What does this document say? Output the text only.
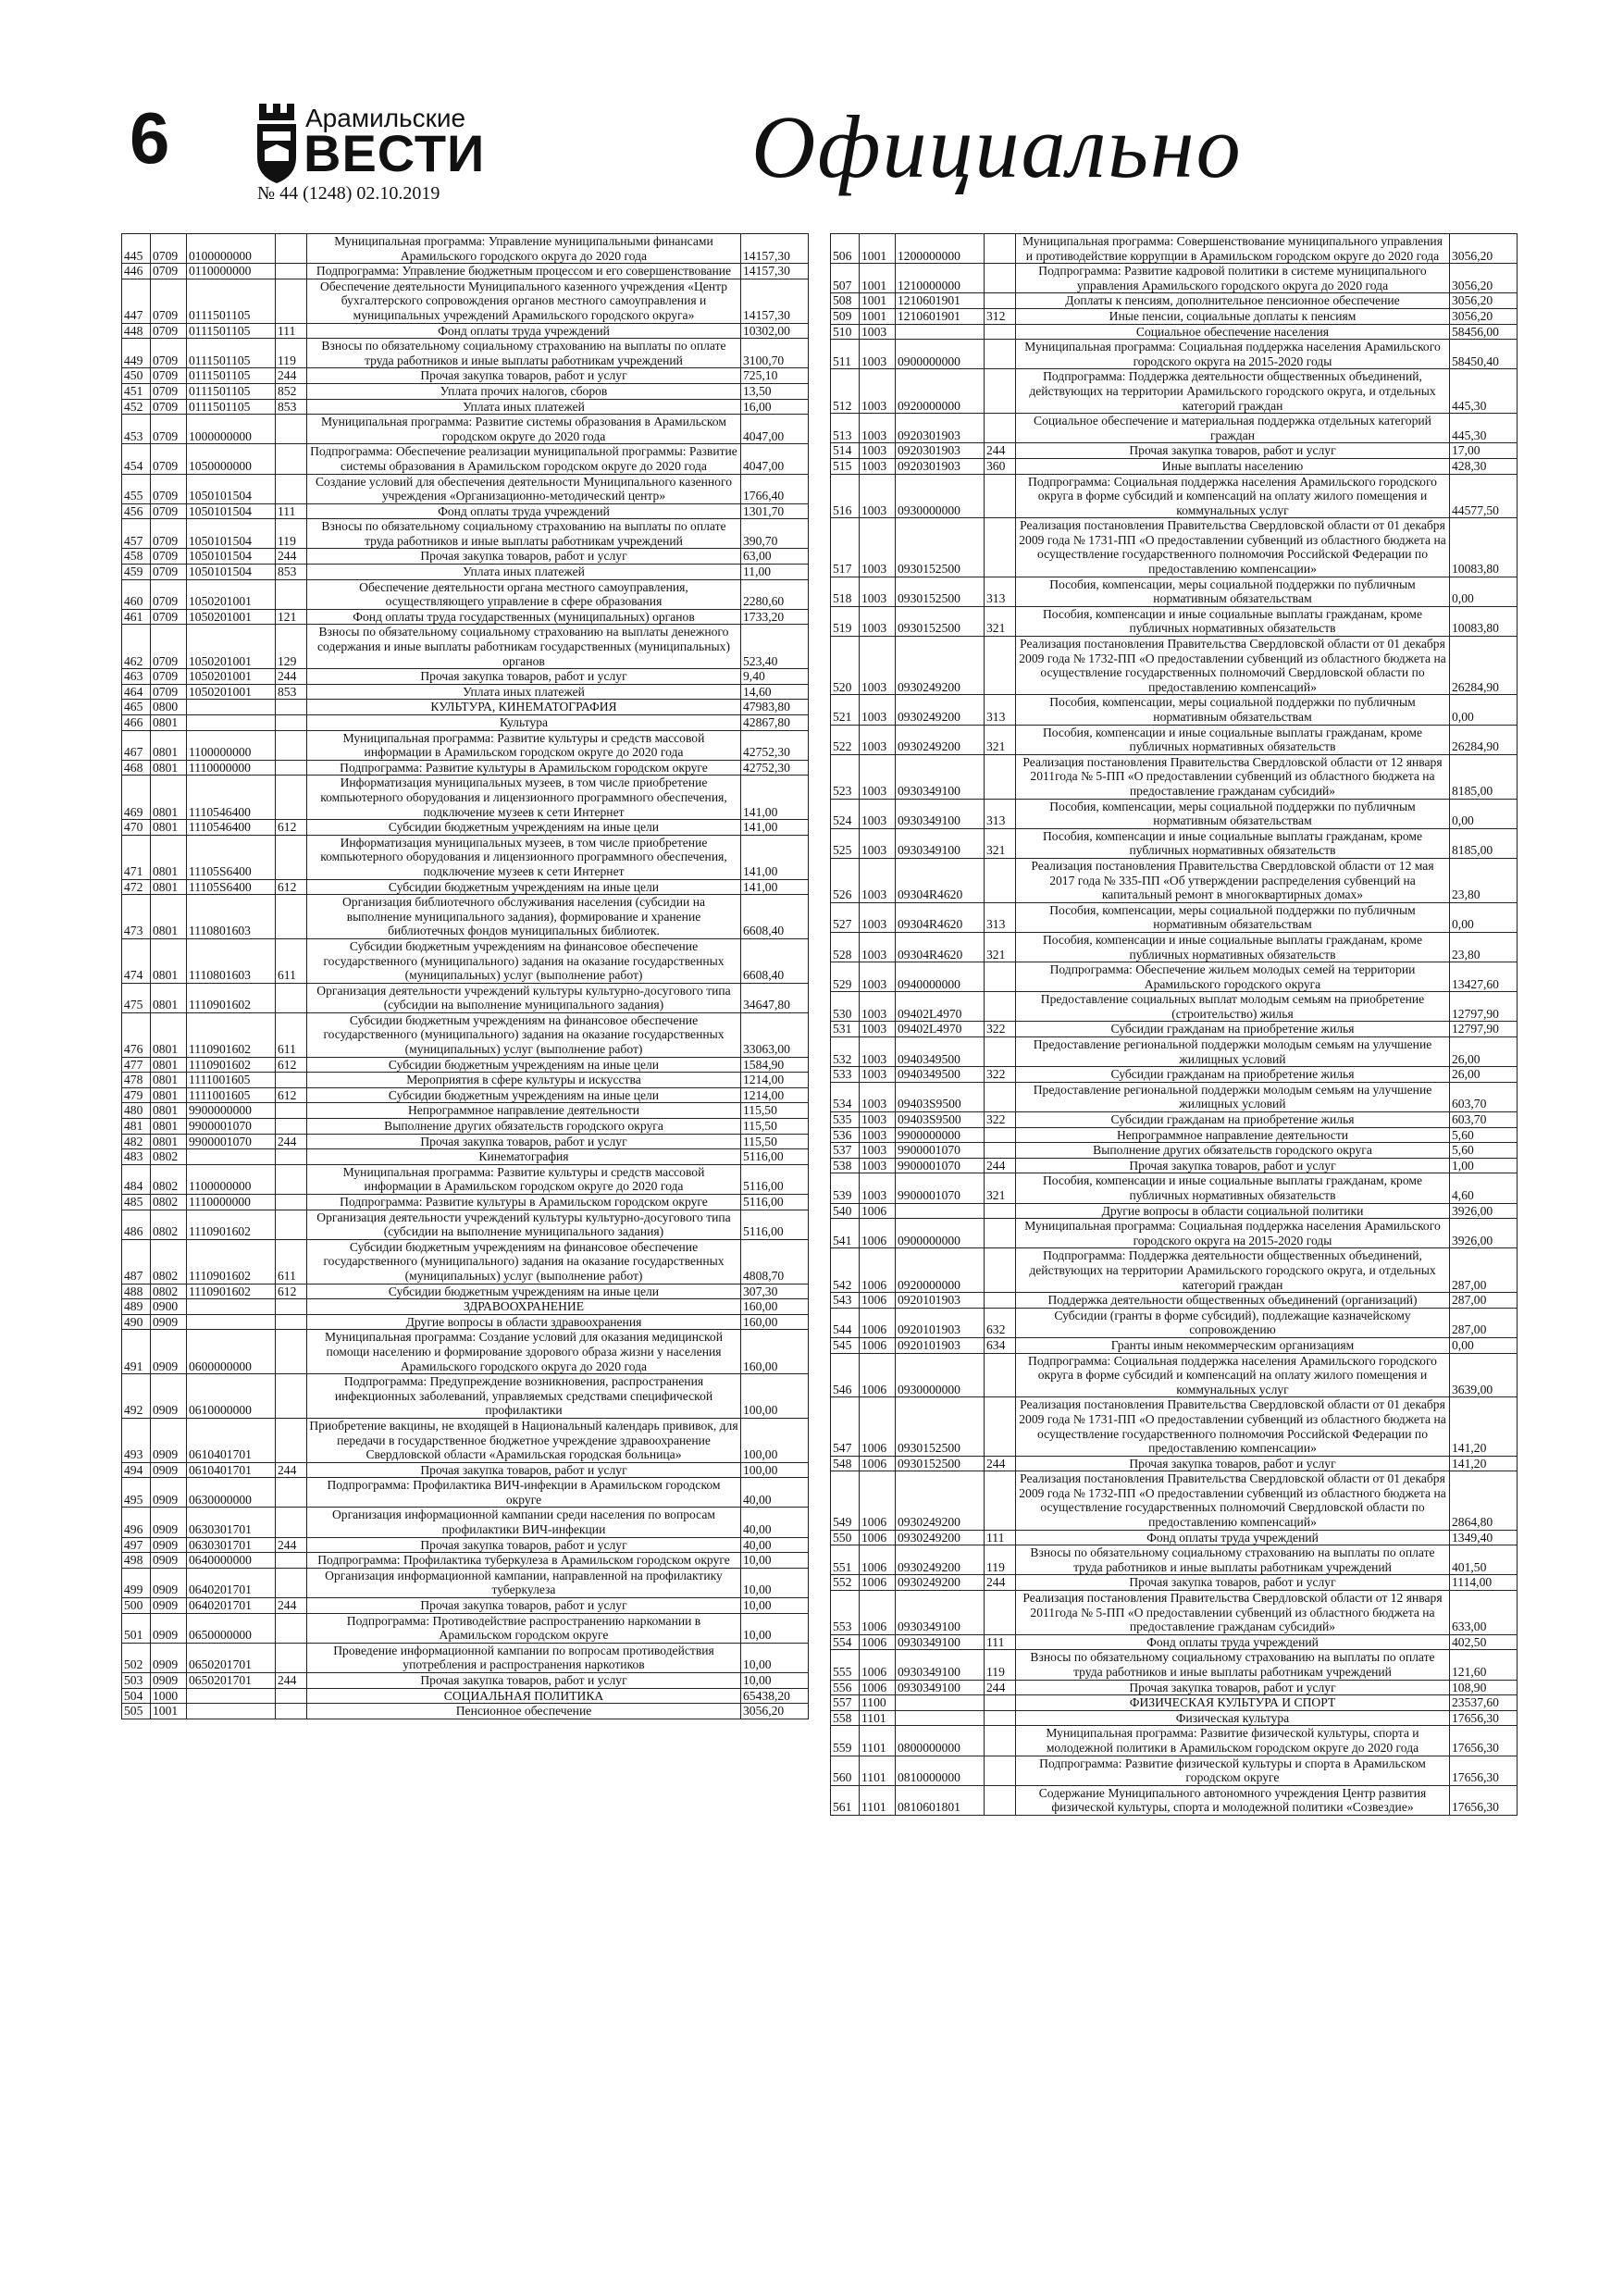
6	Арамильские
ВЕСТИ
№ 44 (1248) 02.10.2019	Официально
445	0709	0100000000		Муниципальная программа: Управление муниципальными финансами Арамильского городского округа до 2020 года	14157,30
446	0709	0110000000		Подпрограмма: Управление бюджетным процессом и его совершенствование	14157,30
447	0709	0111501105		Обеспечение деятельности Муниципального казенного учреждения «Центр бухгалтерского сопровождения органов местного самоуправления и муниципальных учреждений Арамильского городского округа»	14157,30
448	0709	0111501105	111	Фонд оплаты труда учреждений	10302,00
449	0709	0111501105	119	Взносы по обязательному социальному страхованию на выплаты по оплате труда работников и иные выплаты работникам учреждений	3100,70
450	0709	0111501105	244	Прочая закупка товаров, работ и услуг	725,10
451	0709	0111501105	852	Уплата прочих налогов, сборов	13,50
452	0709	0111501105	853	Уплата иных платежей	16,00
453	0709	1000000000		Муниципальная программа: Развитие системы образования в Арамильском городском округе до 2020 года	4047,00
454	0709	1050000000		Подпрограмма: Обеспечение реализации муниципальной программы: Развитие системы образования в Арамильском городском округе до 2020 года	4047,00
455	0709	1050101504		Создание условий для обеспечения деятельности Муниципального казенного учреждения «Организационно-методический центр»	1766,40
456	0709	1050101504	111	Фонд оплаты труда учреждений	1301,70
457	0709	1050101504	119	Взносы по обязательному социальному страхованию на выплаты по оплате труда работников и иные выплаты работникам учреждений	390,70
458	0709	1050101504	244	Прочая закупка товаров, работ и услуг	63,00
459	0709	1050101504	853	Уплата иных платежей	11,00
460	0709	1050201001		Обеспечение деятельности органа местного самоуправления, осуществляющего управление в сфере образования	2280,60
461	0709	1050201001	121	Фонд оплаты труда государственных (муниципальных) органов	1733,20
462	0709	1050201001	129	Взносы по обязательному социальному страхованию на выплаты денежного содержания и иные выплаты работникам государственных (муниципальных) органов	523,40
463	0709	1050201001	244	Прочая закупка товаров, работ и услуг	9,40
464	0709	1050201001	853	Уплата иных платежей	14,60
465	0800			КУЛЬТУРА, КИНЕМАТОГРАФИЯ	47983,80
466	0801			Культура	42867,80
467	0801	1100000000		Муниципальная программа: Развитие культуры и средств массовой информации в Арамильском городском округе до 2020 года	42752,30
468	0801	1110000000		Подпрограмма: Развитие культуры в Арамильском городском округе	42752,30
469	0801	1110546400		Информатизация муниципальных музеев, в том числе приобретение компьютерного оборудования и лицензионного программного обеспечения, подключение музеев к сети Интернет	141,00
470	0801	1110546400	612	Субсидии бюджетным учреждениям на иные цели	141,00
471	0801	11105S6400		Информатизация муниципальных музеев, в том числе приобретение компьютерного оборудования и лицензионного программного обеспечения, подключение музеев к сети Интернет	141,00
472	0801	11105S6400	612	Субсидии бюджетным учреждениям на иные цели	141,00
473	0801	1110801603		Организация библиотечного обслуживания населения (субсидии на выполнение муниципального задания), формирование и хранение библиотечных фондов муниципальных библиотек.	6608,40
474	0801	1110801603	611	Субсидии бюджетным учреждениям на финансовое обеспечение государственного (муниципального) задания на оказание государственных (муниципальных) услуг (выполнение работ)	6608,40
475	0801	1110901602		Организация деятельности учреждений культуры культурно-досугового типа (субсидии на выполнение муниципального задания)	34647,80
476	0801	1110901602	611	Субсидии бюджетным учреждениям на финансовое обеспечение государственного (муниципального) задания на оказание государственных (муниципальных) услуг (выполнение работ)	33063,00
477	0801	1110901602	612	Субсидии бюджетным учреждениям на иные цели	1584,90
478	0801	1111001605		Мероприятия в сфере культуры и искусства	1214,00
479	0801	1111001605	612	Субсидии бюджетным учреждениям на иные цели	1214,00
480	0801	9900000000		Непрограммное направление деятельности	115,50
481	0801	9900001070		Выполнение других обязательств городского округа	115,50
482	0801	9900001070	244	Прочая закупка товаров, работ и услуг	115,50
483	0802			Кинематография	5116,00
484	0802	1100000000		Муниципальная программа: Развитие культуры и средств массовой информации в Арамильском городском округе до 2020 года	5116,00
485	0802	1110000000		Подпрограмма: Развитие культуры в Арамильском городском округе	5116,00
486	0802	1110901602		Организация деятельности учреждений культуры культурно-досугового типа (субсидии на выполнение муниципального задания)	5116,00
487	0802	1110901602	611	Субсидии бюджетным учреждениям на финансовое обеспечение государственного (муниципального) задания на оказание государственных (муниципальных) услуг (выполнение работ)	4808,70
488	0802	1110901602	612	Субсидии бюджетным учреждениям на иные цели	307,30
489	0900			ЗДРАВООХРАНЕНИЕ	160,00
490	0909			Другие вопросы в области здравоохранения	160,00
491	0909	0600000000		Муниципальная программа: Создание условий для оказания медицинской помощи населению и формирование здорового образа жизни у населения Арамильского городского округа до 2020 года	160,00
492	0909	0610000000		Подпрограмма: Предупреждение возникновения, распространения инфекционных заболеваний, управляемых средствами специфической профилактики	100,00
493	0909	0610401701		Приобретение вакцины, не входящей в Национальный календарь прививок, для передачи в государственное бюджетное учреждение здравоохранение Свердловской области «Арамильская городская больница»	100,00
494	0909	0610401701	244	Прочая закупка товаров, работ и услуг	100,00
495	0909	0630000000		Подпрограмма: Профилактика ВИЧ-инфекции в Арамильском городском округе	40,00
496	0909	0630301701		Организация информационной кампании среди населения по вопросам профилактики ВИЧ-инфекции	40,00
497	0909	0630301701	244	Прочая закупка товаров, работ и услуг	40,00
498	0909	0640000000		Подпрограмма: Профилактика туберкулеза в Арамильском городском округе	10,00
499	0909	0640201701		Организация информационной кампании, направленной на профилактику туберкулеза	10,00
500	0909	0640201701	244	Прочая закупка товаров, работ и услуг	10,00
501	0909	0650000000		Подпрограмма: Противодействие распространению наркомании в Арамильском городском округе	10,00
502	0909	0650201701		Проведение информационной кампании по вопросам противодействия употребления и распространения наркотиков	10,00
503	0909	0650201701	244	Прочая закупка товаров, работ и услуг	10,00
504	1000			СОЦИАЛЬНАЯ ПОЛИТИКА	65438,20
505	1001			Пенсионное обеспечение	3056,20
506	1001	1200000000		Муниципальная программа: Совершенствование муниципального управления и противодействие коррупции в Арамильском городском округе до 2020 года	3056,20
507	1001	1210000000		Подпрограмма: Развитие кадровой политики в системе муниципального управления Арамильского городского округа до 2020 года	3056,20
508	1001	1210601901		Доплаты к пенсиям, дополнительное пенсионное обеспечение	3056,20
509	1001	1210601901	312	Иные пенсии, социальные доплаты к пенсиям	3056,20
510	1003			Социальное обеспечение населения	58456,00
511	1003	0900000000		Муниципальная программа: Социальная поддержка населения Арамильского городского округа на 2015-2020 годы	58450,40
512	1003	0920000000		Подпрограмма: Поддержка деятельности общественных объединений, действующих на территории Арамильского городского округа, и отдельных категорий граждан	445,30
513	1003	0920301903		Социальное обеспечение и материальная поддержка отдельных категорий граждан	445,30
514	1003	0920301903	244	Прочая закупка товаров, работ и услуг	17,00
515	1003	0920301903	360	Иные выплаты населению	428,30
516	1003	0930000000		Подпрограмма: Социальная поддержка населения Арамильского городского округа в форме субсидий и компенсаций на оплату жилого помещения и коммунальных услуг	44577,50
517	1003	0930152500		Реализация постановления Правительства Свердловской области от 01 декабря 2009 года № 1731-ПП «О предоставлении субвенций из областного бюджета на осуществление государственного полномочия Российской Федерации по предоставлению компенсации»	10083,80
518	1003	0930152500	313	Пособия, компенсации, меры социальной поддержки по публичным нормативным обязательствам	0,00
519	1003	0930152500	321	Пособия, компенсации и иные социальные выплаты гражданам, кроме публичных нормативных обязательств	10083,80
520	1003	0930249200		Реализация постановления Правительства Свердловской области от 01 декабря 2009 года № 1732-ПП «О предоставлении субвенций из областного бюджета на осуществление государственных полномочий Свердловской области по предоставлению компенсаций»	26284,90
521	1003	0930249200	313	Пособия, компенсации, меры социальной поддержки по публичным нормативным обязательствам	0,00
522	1003	0930249200	321	Пособия, компенсации и иные социальные выплаты гражданам, кроме публичных нормативных обязательств	26284,90
523	1003	0930349100		Реализация постановления Правительства Свердловской области от 12 января 2011года № 5-ПП «О предоставлении субвенций из областного бюджета на предоставление гражданам субсидий»	8185,00
524	1003	0930349100	313	Пособия, компенсации, меры социальной поддержки по публичным нормативным обязательствам	0,00
525	1003	0930349100	321	Пособия, компенсации и иные социальные выплаты гражданам, кроме публичных нормативных обязательств	8185,00
526	1003	09304R4620		Реализация постановления Правительства Свердловской области от 12 мая 2017 года № 335-ПП «Об утверждении распределения субвенций на капитальный ремонт в многоквартирных домах»	23,80
527	1003	09304R4620	313	Пособия, компенсации, меры социальной поддержки по публичным нормативным обязательствам	0,00
528	1003	09304R4620	321	Пособия, компенсации и иные социальные выплаты гражданам, кроме публичных нормативных обязательств	23,80
529	1003	0940000000		Подпрограмма: Обеспечение жильем молодых семей на территории Арамильского городского округа	13427,60
530	1003	09402L4970		Предоставление социальных выплат молодым семьям на приобретение (строительство) жилья	12797,90
531	1003	09402L4970	322	Субсидии гражданам на приобретение жилья	12797,90
532	1003	0940349500		Предоставление региональной поддержки молодым семьям на улучшение жилищных условий	26,00
533	1003	0940349500	322	Субсидии гражданам на приобретение жилья	26,00
534	1003	09403S9500		Предоставление региональной поддержки молодым семьям на улучшение жилищных условий	603,70
535	1003	09403S9500	322	Субсидии гражданам на приобретение жилья	603,70
536	1003	9900000000		Непрограммное направление деятельности	5,60
537	1003	9900001070		Выполнение других обязательств городского округа	5,60
538	1003	9900001070	244	Прочая закупка товаров, работ и услуг	1,00
539	1003	9900001070	321	Пособия, компенсации и иные социальные выплаты гражданам, кроме публичных нормативных обязательств	4,60
540	1006			Другие вопросы в области социальной политики	3926,00
541	1006	0900000000		Муниципальная программа: Социальная поддержка населения Арамильского городского округа на 2015-2020 годы	3926,00
542	1006	0920000000		Подпрограмма: Поддержка деятельности общественных объединений, действующих на территории Арамильского городского округа, и отдельных категорий граждан	287,00
543	1006	0920101903		Поддержка деятельности общественных объединений (организаций)	287,00
544	1006	0920101903	632	Субсидии (гранты в форме субсидий), подлежащие казначейскому сопровождению	287,00
545	1006	0920101903	634	Гранты иным некоммерческим организациям	0,00
546	1006	0930000000		Подпрограмма: Социальная поддержка населения Арамильского городского округа в форме субсидий и компенсаций на оплату жилого помещения и коммунальных услуг	3639,00
547	1006	0930152500		Реализация постановления Правительства Свердловской области от 01 декабря 2009 года № 1731-ПП «О предоставлении субвенций из областного бюджета на осуществление государственного полномочия Российской Федерации по предоставлению компенсации»	141,20
548	1006	0930152500	244	Прочая закупка товаров, работ и услуг	141,20
549	1006	0930249200		Реализация постановления Правительства Свердловской области от 01 декабря 2009 года № 1732-ПП «О предоставлении субвенций из областного бюджета на осуществление государственных полномочий Свердловской области по предоставлению компенсаций»	2864,80
550	1006	0930249200	111	Фонд оплаты труда учреждений	1349,40
551	1006	0930249200	119	Взносы по обязательному социальному страхованию на выплаты по оплате труда работников и иные выплаты работникам учреждений	401,50
552	1006	0930249200	244	Прочая закупка товаров, работ и услуг	1114,00
553	1006	0930349100		Реализация постановления Правительства Свердловской области от 12 января 2011года № 5-ПП «О предоставлении субвенций из областного бюджета на предоставление гражданам субсидий»	633,00
554	1006	0930349100	111	Фонд оплаты труда учреждений	402,50
555	1006	0930349100	119	Взносы по обязательному социальному страхованию на выплаты по оплате труда работников и иные выплаты работникам учреждений	121,60
556	1006	0930349100	244	Прочая закупка товаров, работ и услуг	108,90
557	1100			ФИЗИЧЕСКАЯ КУЛЬТУРА И СПОРТ	23537,60
558	1101			Физическая культура	17656,30
559	1101	0800000000		Муниципальная программа: Развитие физической культуры, спорта и молодежной политики в Арамильском городском округе до 2020 года	17656,30
560	1101	0810000000		Подпрограмма: Развитие физической культуры и спорта в Арамильском городском округе	17656,30
561	1101	0810601801		Содержание Муниципального автономного учреждения Центр развития физической культуры, спорта и молодежной политики «Созвездие»	17656,30
